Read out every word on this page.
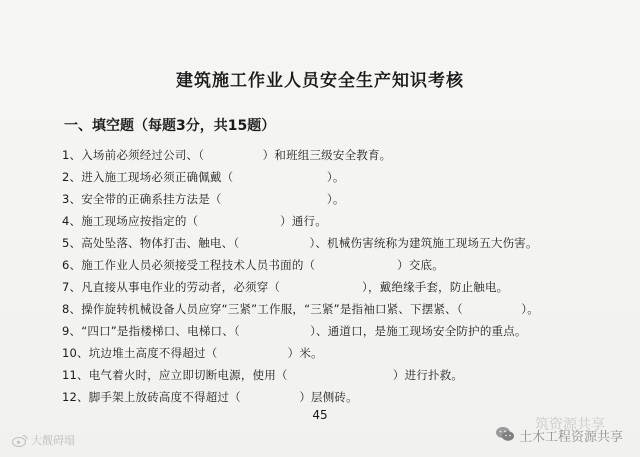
建筑施工作业人员安全生产知识考核
一、填空题（每题3分，共15题）
1、入场前必须经过公司、（　　　　　）和班组三级安全教育。
2、进入施工现场必须正确佩戴（　　　　　　　　）。
3、安全带的正确系挂方法是（　　　　　　　　　）。
4、施工现场应按指定的（　　　　　　　）通行。
5、高处坠落、物体打击、触电、（　　　　　　）、机械伤害统称为建筑施工现场五大伤害。
6、施工作业人员必须接受工程技术人员书面的（　　　　　　　）交底。
7、凡直接从事电作业的劳动者，必须穿（　　　　　　　），戴绝缘手套，防止触电。
8、操作旋转机械设备人员应穿“三紧”工作服，“三紧”是指袖口紧、下摆紧、（　　　　　）。
9、“四口”是指楼梯口、电梯口、（　　　　　　）、通道口，是施工现场安全防护的重点。
10、坑边堆土高度不得超过（　　　　　　）米。
11、电气着火时，应立即切断电源，使用（　　　　　　　　　）进行扑救。
12、脚手架上放砖高度不得超过（　　　　　）层侧砖。
45
大靓碍塌
筑资源共享
土木工程资源共享
